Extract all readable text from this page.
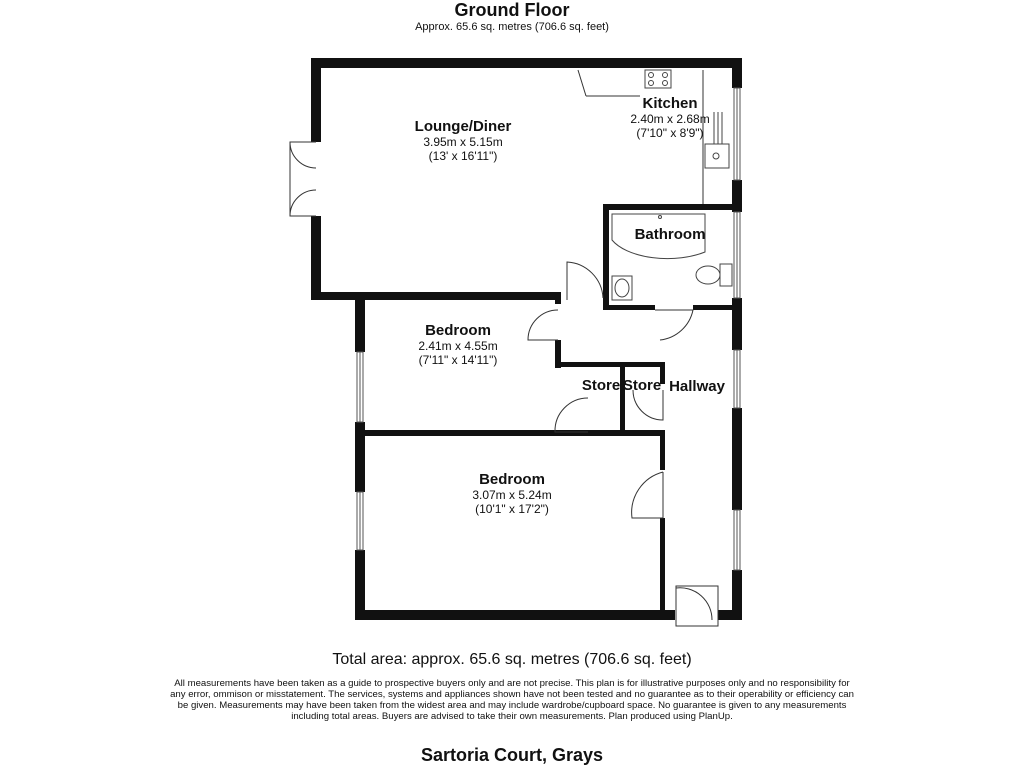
Ground Floor
Approx. 65.6 sq. metres (706.6 sq. feet)
Lounge/Diner
3.95m x 5.15m
(13' x 16'11")
Kitchen
2.40m x 2.68m
(7'10" x 8'9")
Bathroom
Bedroom
2.41m x 4.55m
(7'11" x 14'11")
Store Store Hallway
Bedroom
3.07m x 5.24m
(10'1" x 17'2")
Total area: approx. 65.6 sq. metres (706.6 sq. feet)
All measurements have been taken as a guide to prospective buyers only and are not precise. This plan is for illustrative purposes only and no responsibility for any error, ommison or misstatement. The services, systems and appliances shown have not been tested and no guarantee as to their operability or efficiency can be given. Measurements may have been taken from the widest area and may include wardrobe/cupboard space. No guarantee is given to any measurements including total areas. Buyers are advised to take their own measurements. Plan produced using PlanUp.
Sartoria Court, Grays
